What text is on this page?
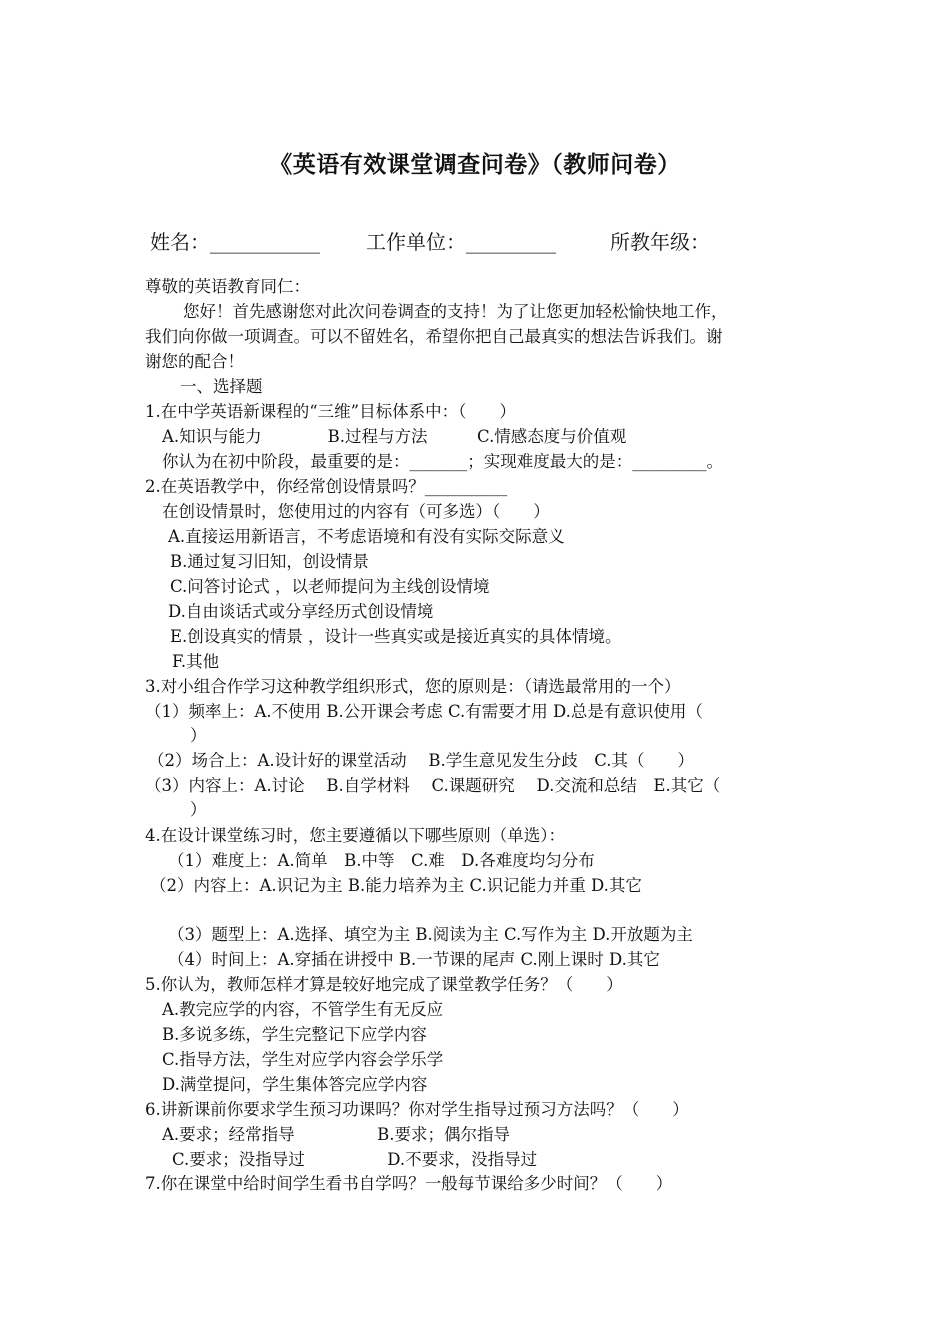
《英语有效课堂调查问卷》（教师问卷）
姓名：___________ 工作单位：_________	所教年级：
尊敬的英语教育同仁：
您好！首先感谢您对此次问卷调查的支持！为了让您更加轻松愉快地工作，
我们向你做一项调查。可以不留姓名，希望你把自己最真实的想法告诉我们。谢
谢您的配合！
一、选择题
1.在中学英语新课程的“三维”目标体系中：（　　）
A.知识与能力　　　　B.过程与方法　　　C.情感态度与价值观
你认为在初中阶段，最重要的是：_______；实现难度最大的是：_________。
2.在英语教学中，你经常创设情景吗？__________
在创设情景时，您使用过的内容有（可多选）（　　）
A.直接运用新语言，不考虑语境和有没有实际交际意义
B.通过复习旧知，创设情景
C.问答讨论式 ，以老师提问为主线创设情境
D.自由谈话式或分享经历式创设情境
E.创设真实的情景 ，设计一些真实或是接近真实的具体情境。
F.其他
3.对小组合作学习这种教学组织形式，您的原则是：（请选最常用的一个）
（1）频率上：A.不使用 B.公开课会考虑 C.有需要才用 D.总是有意识使用（
）
（2）场合上：A.设计好的课堂活动　 B.学生意见发生分歧　C.其（　　）
（3）内容上：A.讨论　 B.自学材料　 C.课题研究　 D.交流和总结　E.其它（
）
4.在设计课堂练习时，您主要遵循以下哪些原则（单选）：
（1）难度上：A.简单　B.中等　C.难　D.各难度均匀分布
（2）内容上：A.识记为主 B.能力培养为主 C.识记能力并重 D.其它
（3）题型上：A.选择、填空为主 B.阅读为主 C.写作为主 D.开放题为主
（4）时间上：A.穿插在讲授中 B.一节课的尾声 C.刚上课时 D.其它
5.你认为，教师怎样才算是较好地完成了课堂教学任务？（　　）
A.教完应学的内容，不管学生有无反应
B.多说多练，学生完整记下应学内容
C.指导方法，学生对应学内容会学乐学
D.满堂提问，学生集体答完应学内容
6.讲新课前你要求学生预习功课吗？你对学生指导过预习方法吗？（　　）
A.要求；经常指导　　　　　B.要求；偶尔指导
C.要求；没指导过　　　　　D.不要求，没指导过
7.你在课堂中给时间学生看书自学吗？一般每节课给多少时间？（　　）
